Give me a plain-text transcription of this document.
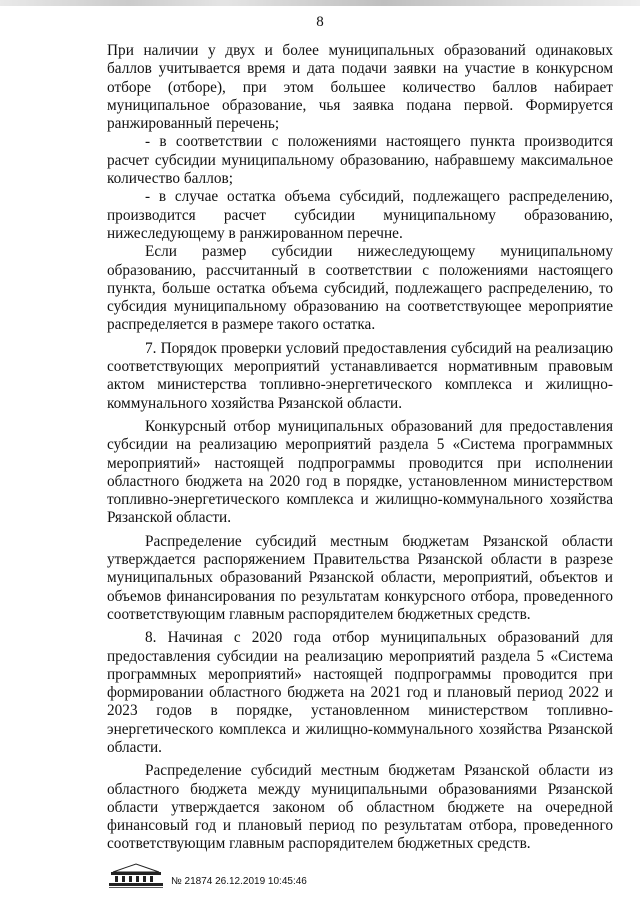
8

При наличии у двух и более муниципальных образований одинаковых баллов учитывается время и дата подачи заявки на участие в конкурсном отборе (отборе), при этом большее количество баллов набирает муниципальное образование, чья заявка подана первой. Формируется ранжированный перечень;

- в соответствии с положениями настоящего пункта производится расчет субсидии муниципальному образованию, набравшему максимальное количество баллов;

- в случае остатка объема субсидий, подлежащего распределению, производится расчет субсидии муниципальному образованию, нижеследующему в ранжированном перечне.

Если размер субсидии нижеследующему муниципальному образованию, рассчитанный в соответствии с положениями настоящего пункта, больше остатка объема субсидий, подлежащего распределению, то субсидия муниципальному образованию на соответствующее мероприятие распределяется в размере такого остатка.

7. Порядок проверки условий предоставления субсидий на реализацию соответствующих мероприятий устанавливается нормативным правовым актом министерства топливно-энергетического комплекса и жилищно-коммунального хозяйства Рязанской области.

Конкурсный отбор муниципальных образований для предоставления субсидии на реализацию мероприятий раздела 5 «Система программных мероприятий» настоящей подпрограммы проводится при исполнении областного бюджета на 2020 год в порядке, установленном министерством топливно-энергетического комплекса и жилищно-коммунального хозяйства Рязанской области.

Распределение субсидий местным бюджетам Рязанской области утверждается распоряжением Правительства Рязанской области в разрезе муниципальных образований Рязанской области, мероприятий, объектов и объемов финансирования по результатам конкурсного отбора, проведенного соответствующим главным распорядителем бюджетных средств.

8. Начиная с 2020 года отбор муниципальных образований для предоставления субсидии на реализацию мероприятий раздела 5 «Система программных мероприятий» настоящей подпрограммы проводится при формировании областного бюджета на 2021 год и плановый период 2022 и 2023 годов в порядке, установленном министерством топливно-энергетического комплекса и жилищно-коммунального хозяйства Рязанской области.

Распределение субсидий местным бюджетам Рязанской области из областного бюджета между муниципальными образованиями Рязанской области утверждается законом об областном бюджете на очередной финансовый год и плановый период по результатам отбора, проведенного соответствующим главным распорядителем бюджетных средств.

№ 21874 26.12.2019 10:45:46
